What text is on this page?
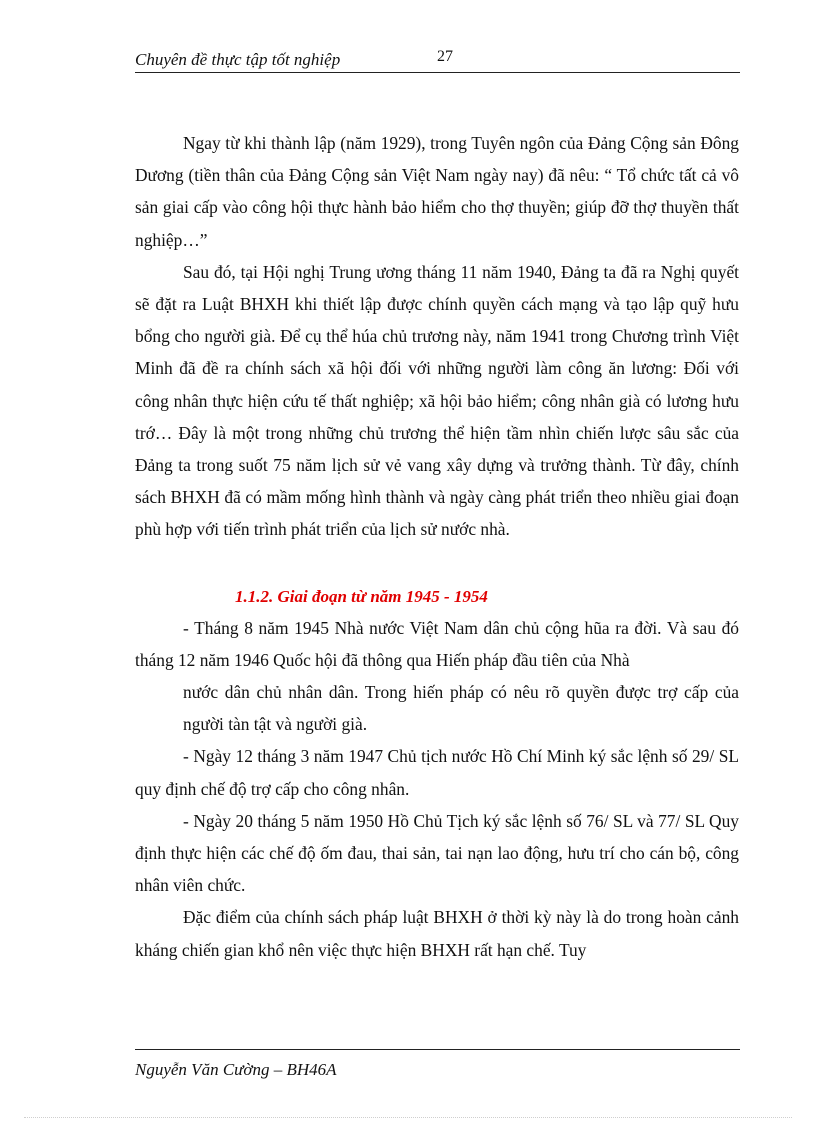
Chuyên đề thực tập tốt nghiệp	27

Ngay từ khi thành lập (năm 1929), trong Tuyên ngôn của Đảng Cộng sản Đông Dương (tiền thân của Đảng Cộng sản Việt Nam ngày nay) đã nêu: “ Tổ chức tất cả vô sản giai cấp vào công hội thực hành bảo hiểm cho thợ thuyền; giúp đỡ thợ thuyền thất nghiệp…”

Sau đó, tại Hội nghị Trung ương tháng 11 năm 1940, Đảng ta đã ra Nghị quyết sẽ đặt ra Luật BHXH khi thiết lập được chính quyền cách mạng và tạo lập quỹ hưu bổng cho người già. Để cụ thể húa chủ trương này, năm 1941 trong Chương trình Việt Minh đã đề ra chính sách xã hội đối với những người làm công ăn lương: Đối với công nhân thực hiện cứu tế thất nghiệp; xã hội bảo hiểm; công nhân già có lương hưu trớ… Đây là một trong những chủ trương thể hiện tầm nhìn chiến lược sâu sắc của Đảng ta trong suốt 75 năm lịch sử vẻ vang xây dựng và trưởng thành. Từ đây, chính sách BHXH đã có mầm mống hình thành và ngày càng phát triển theo nhiều giai đoạn phù hợp với tiến trình phát triển của lịch sử nước nhà.

1.1.2. Giai đoạn từ năm 1945 - 1954

- Tháng 8 năm 1945 Nhà nước Việt Nam dân chủ cộng hũa ra đời. Và sau đó tháng 12 năm 1946 Quốc hội đã thông qua Hiến pháp đầu tiên của Nhà
nước dân chủ nhân dân. Trong hiến pháp có nêu rõ quyền được trợ cấp của người tàn tật và người già.

- Ngày 12 tháng 3 năm 1947 Chủ tịch nước Hồ Chí Minh ký sắc lệnh số 29/ SL quy định chế độ trợ cấp cho công nhân.

- Ngày 20 tháng 5 năm 1950 Hồ Chủ Tịch ký sắc lệnh số 76/ SL và 77/ SL Quy định thực hiện các chế độ ốm đau, thai sản, tai nạn lao động, hưu trí cho cán bộ, công nhân viên chức.

Đặc điểm của chính sách pháp luật BHXH ở thời kỳ này là do trong hoàn cảnh kháng chiến gian khổ nên việc thực hiện BHXH rất hạn chế. Tuy

Nguyễn Văn Cường – BH46A
